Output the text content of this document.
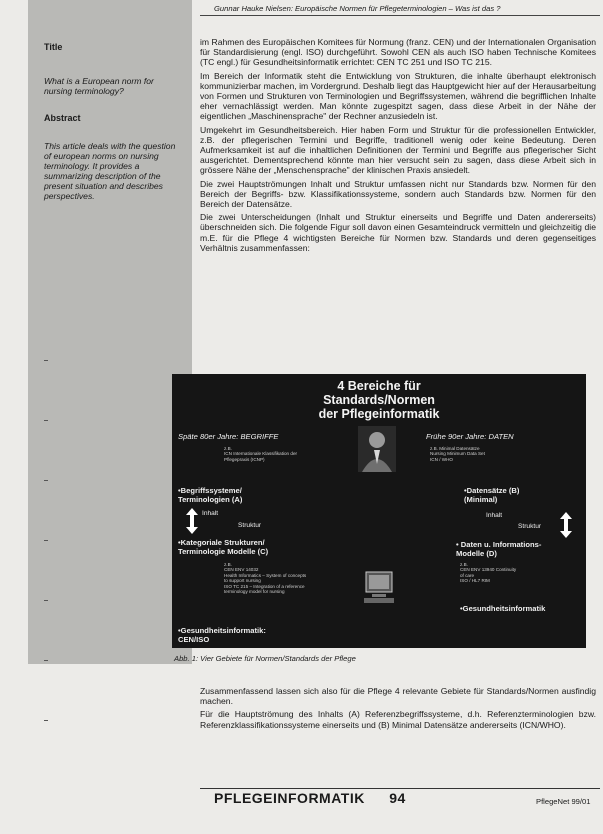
Title
What is a European norm for nursing terminology?
Abstract
This article deals with the question of european norms on nursing terminology. It provides a summarizing description of the present situation and describes perspectives.
Gunnar Hauke Nielsen: Europäische Normen für Pflegeterminologien – Was ist das ?

im Rahmen des Europäischen Komitees für Normung (franz. CEN) und der Internationalen Organisation für Standardisierung (engl. ISO) durchgeführt. Sowohl CEN als auch ISO haben Technische Komitees (TC engl.) für Gesundheitsinformatik errichtet: CEN TC 251 und ISO TC 215.

Im Bereich der Informatik steht die Entwicklung von Strukturen, die inhalte überhaupt elektronisch kommunizierbar machen, im Vordergrund. Deshalb liegt das Hauptgewicht hier auf der Herausarbeitung von Formen und Strukturen von Terminologien und Begriffssystemen, während die begrifflichen Inhalte eher vernachlässigt werden. Man könnte zugespitzt sagen, dass diese Arbeit in der Nähe der eigentlichen „Maschinensprache" der Rechner anzusiedeln ist.

Umgekehrt im Gesundheitsbereich. Hier haben Form und Struktur für die professionellen Entwickler, z.B. der pflegerischen Termini und Begriffe, traditionell wenig oder keine Bedeutung. Deren Aufmerksamkeit ist auf die inhaltlichen Definitionen der Termini und Begriffe aus pflegerischer Sicht ausgerichtet. Dementsprechend könnte man hier versucht sein zu sagen, dass diese Arbeit sich in grössere Nähe der „Menschensprache" der klinischen Praxis ansiedelt.

Die zwei Hauptströmungen Inhalt und Struktur umfassen nicht nur Standards bzw. Normen für den Bereich der Begriffs- bzw. Klassifikationssysteme, sondern auch Standards bzw. Normen für den Bereich der Datensätze.

Die zwei Unterscheidungen (Inhalt und Struktur einerseits und Begriffe und Daten andererseits) überschneiden sich. Die folgende Figur soll davon einen Gesamteindruck vermitteln und gleichzeitig die m.E. für die Pflege 4 wichtigsten Bereiche für Normen bzw. Standards und deren gegenseitiges Verhältnis zusammenfassen:

4 Bereiche für
Standards/Normen
der Pflegeinformatik
Späte 80er Jahre: BEGRIFFE	Frühe 90er Jahre: DATEN
z.B.
ICN Internationale Klassifikation der
Pflegepraxis (ICNP)
z.B. Minimal Datensätze
Nursing Minimum Data Set
ICN / WHO
•Begriffssysteme/
Terminologien (A)
•Datensätze (B)
(Minimal)
Inhalt
Struktur
Inhalt
Struktur
•Kategoriale Strukturen/
Terminologie Modelle (C)
• Daten u. Informations-
Modelle (D)
z.B.
CEN ENV 14032
Health Informatics – System of concepts
to support nursing
ISO TC 215 – Integration of a reference
terminology model for nursing
z.B.
CEN ENV 13940 Continuity
of care
ISO / HL7 RIM
•Gesundheitsinformatik:
CEN/ISO
•Gesundheitsinformatik
Abb. 1: Vier Gebiete für Normen/Standards der Pflege

Zusammenfassend lassen sich also für die Pflege 4 relevante Gebiete für Standards/Normen ausfindig machen.

Für die Hauptströmung des Inhalts (A) Referenzbegriffssysteme, d.h. Referenzterminologien bzw. Referenzklassifikationssysteme einerseits und (B) Minimal Datensätze andererseits (ICN/WHO).

PFLEGEINFORMATIK 94	PflegeNet 99/01
